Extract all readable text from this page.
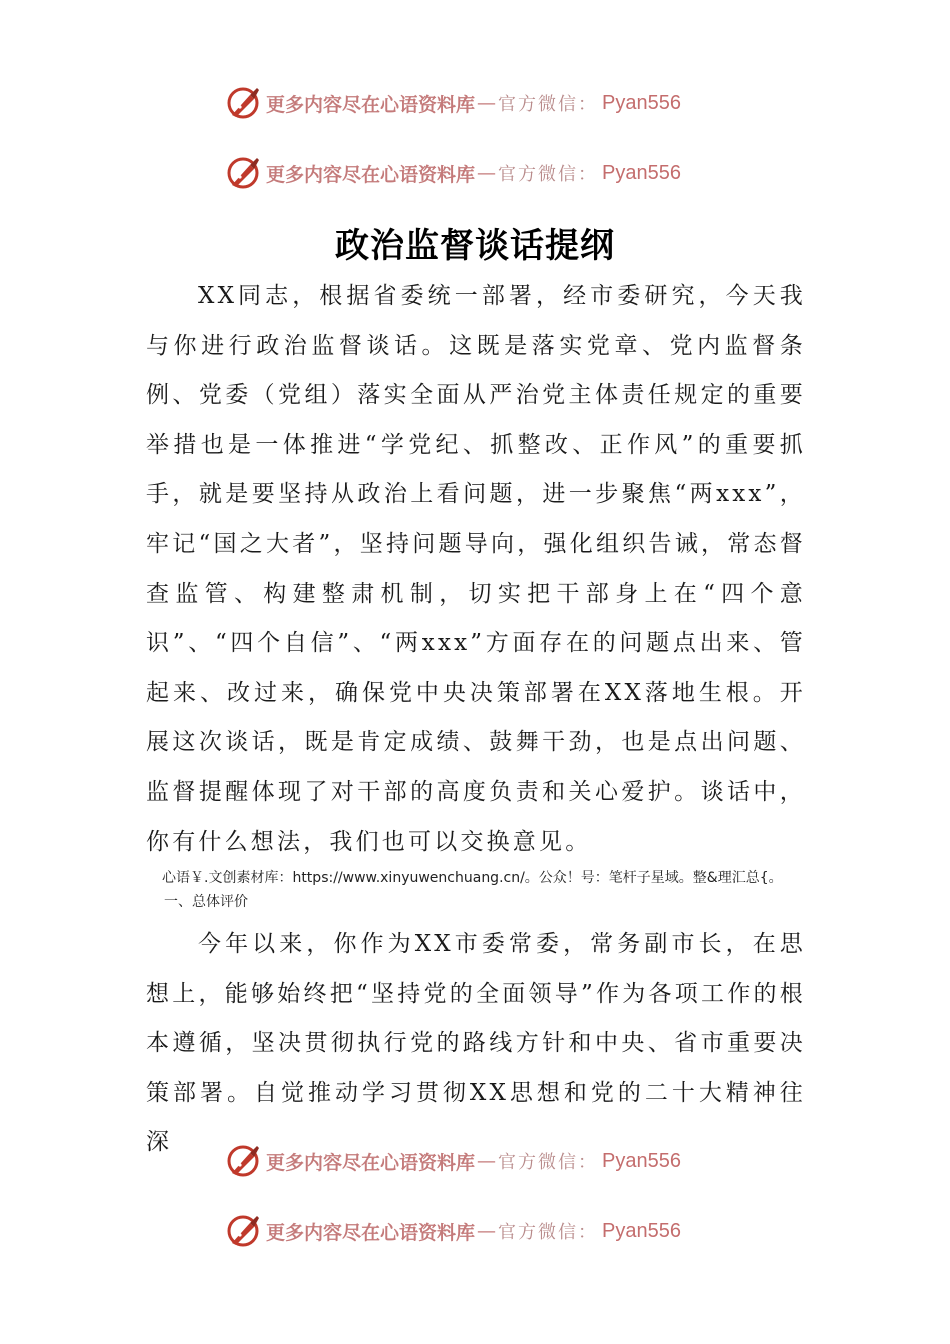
更多内容尽在心语资料库 — 官方微信： Pyan556
更多内容尽在心语资料库 — 官方微信： Pyan556
政治监督谈话提纲

XX同志，根据省委统一部署，经市委研究，今天我与你进行政治监督谈话。这既是落实党章、党内监督条例、党委（党组）落实全面从严治党主体责任规定的重要举措也是一体推进“学党纪、抓整改、正作风”的重要抓手，就是要坚持从政治上看问题，进一步聚焦“两xxx”，牢记“国之大者”，坚持问题导向，强化组织告诫，常态督查监管、构建整肃机制，切实把干部身上在“四个意识”、“四个自信”、“两xxx”方面存在的问题点出来、管起来、改过来，确保党中央决策部署在XX落地生根。开展这次谈话，既是肯定成绩、鼓舞干劲，也是点出问题、监督提醒体现了对干部的高度负责和关心爱护。谈话中，你有什么想法，我们也可以交换意见。

心语￥.文创素材库：https://www.xinyuwenchuang.cn/。公众！号：笔杆子星域。整&理汇总{。一、总体评价

今年以来，你作为XX市委常委，常务副市长，在思想上，能够始终把“坚持党的全面领导”作为各项工作的根本遵循，坚决贯彻执行党的路线方针和中央、省市重要决策部署。自觉推动学习贯彻XX思想和党的二十大精神往深

更多内容尽在心语资料库 — 官方微信： Pyan556
更多内容尽在心语资料库 — 官方微信： Pyan556
